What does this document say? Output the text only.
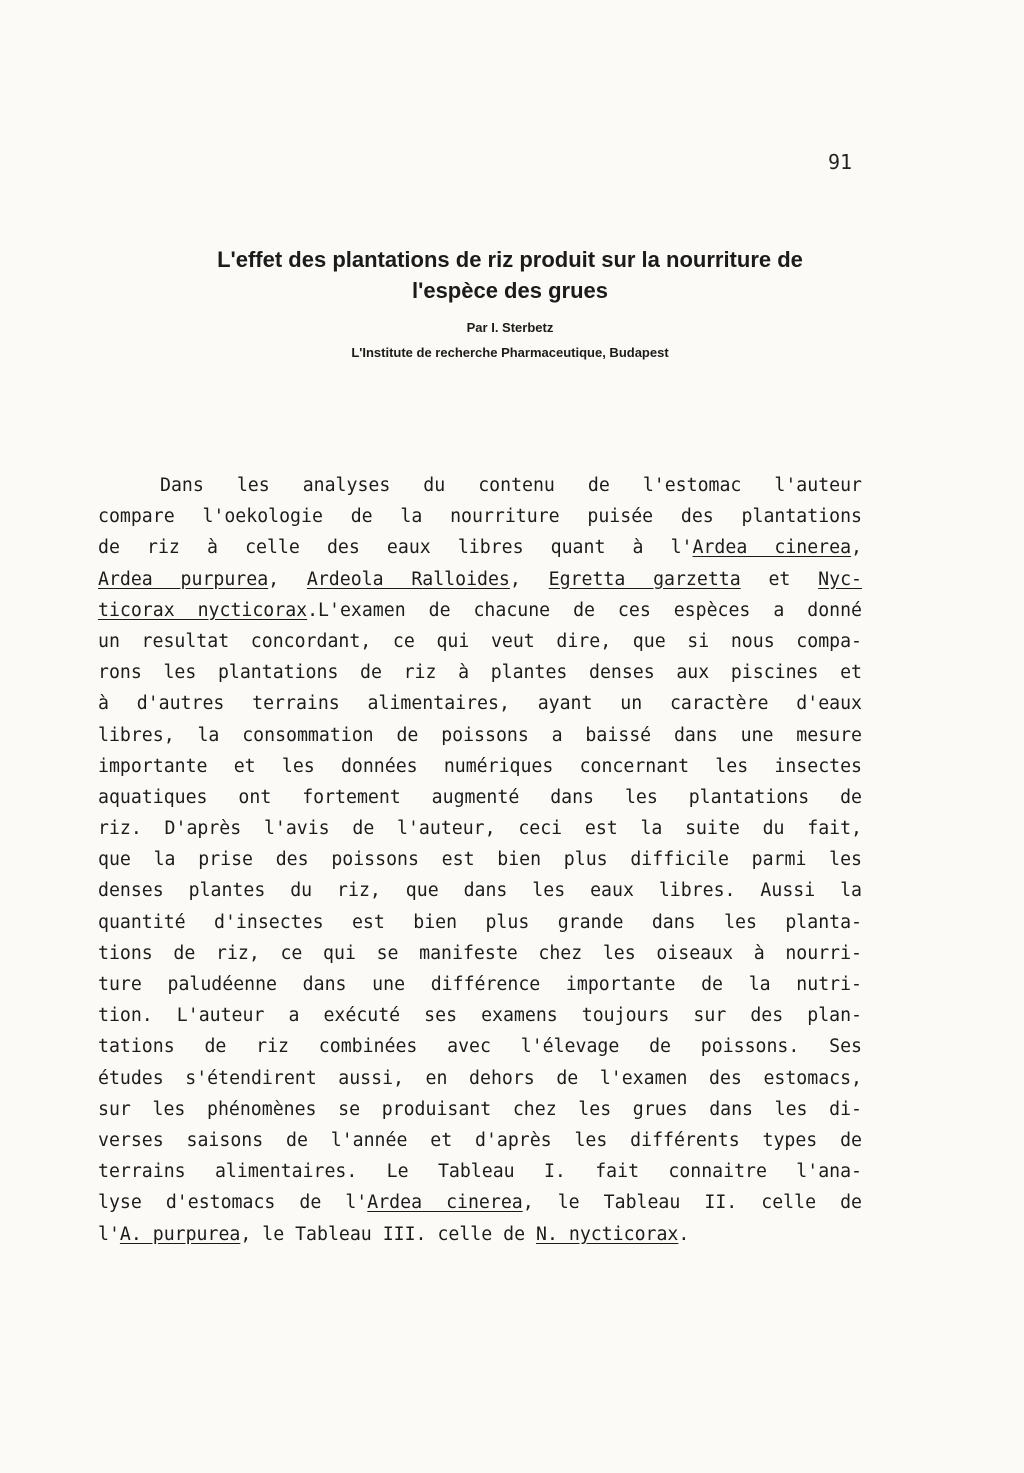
91
L'effet des plantations de riz produit sur la nourriture de
l'espèce des grues
Par I. Sterbetz
L'Institute de recherche Pharmaceutique, Budapest
Dans les analyses du contenu de l'estomac l'auteur
compare l'oekologie de la nourriture puisée des plantations
de riz à celle des eaux libres quant à l'Ardea cinerea,
Ardea purpurea, Ardeola Ralloides, Egretta garzetta et Nyc-
ticorax nycticorax.L'examen de chacune de ces espèces a donné
un resultat concordant, ce qui veut dire, que si nous compa-
rons les plantations de riz à plantes denses aux piscines et
à d'autres terrains alimentaires, ayant un caractère d'eaux
libres, la consommation de poissons a baissé dans une mesure
importante et les données numériques concernant les insectes
aquatiques ont fortement augmenté dans les plantations de
riz. D'après l'avis de l'auteur, ceci est la suite du fait,
que la prise des poissons est bien plus difficile parmi les
denses plantes du riz, que dans les eaux libres. Aussi la
quantité d'insectes est bien plus grande dans les planta-
tions de riz, ce qui se manifeste chez les oiseaux à nourri-
ture paludéenne dans une différence importante de la nutri-
tion. L'auteur a exécuté ses examens toujours sur des plan-
tations de riz combinées avec l'élevage de poissons. Ses
études s'étendirent aussi, en dehors de l'examen des estomacs,
sur les phénomènes se produisant chez les grues dans les di-
verses saisons de l'année et d'après les différents types de
terrains alimentaires. Le Tableau I. fait connaitre l'ana-
lyse d'estomacs de l'Ardea cinerea, le Tableau II. celle de
l'A. purpurea, le Tableau III. celle de N. nycticorax.
